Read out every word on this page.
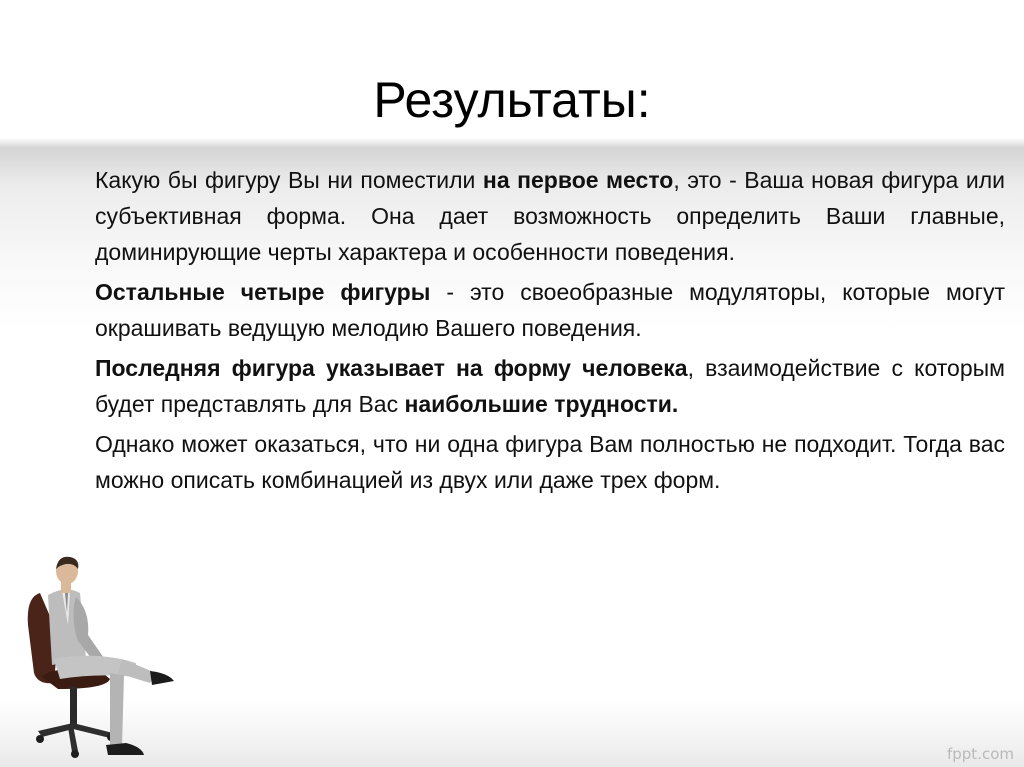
Результаты:

Какую бы фигуру Вы ни поместили на первое место, это - Ваша новая фигура или субъективная форма. Она дает возможность определить Ваши главные, доминирующие черты характера и особенности поведения.

Остальные четыре фигуры - это своеобразные модуляторы, которые могут окрашивать ведущую мелодию Вашего поведения.

Последняя фигура указывает на форму человека, взаимодействие с которым будет представлять для Вас наибольшие трудности.

Однако может оказаться, что ни одна фигура Вам полностью не подходит. Тогда вас можно описать комбинацией из двух или даже трех форм.

fppt.com
